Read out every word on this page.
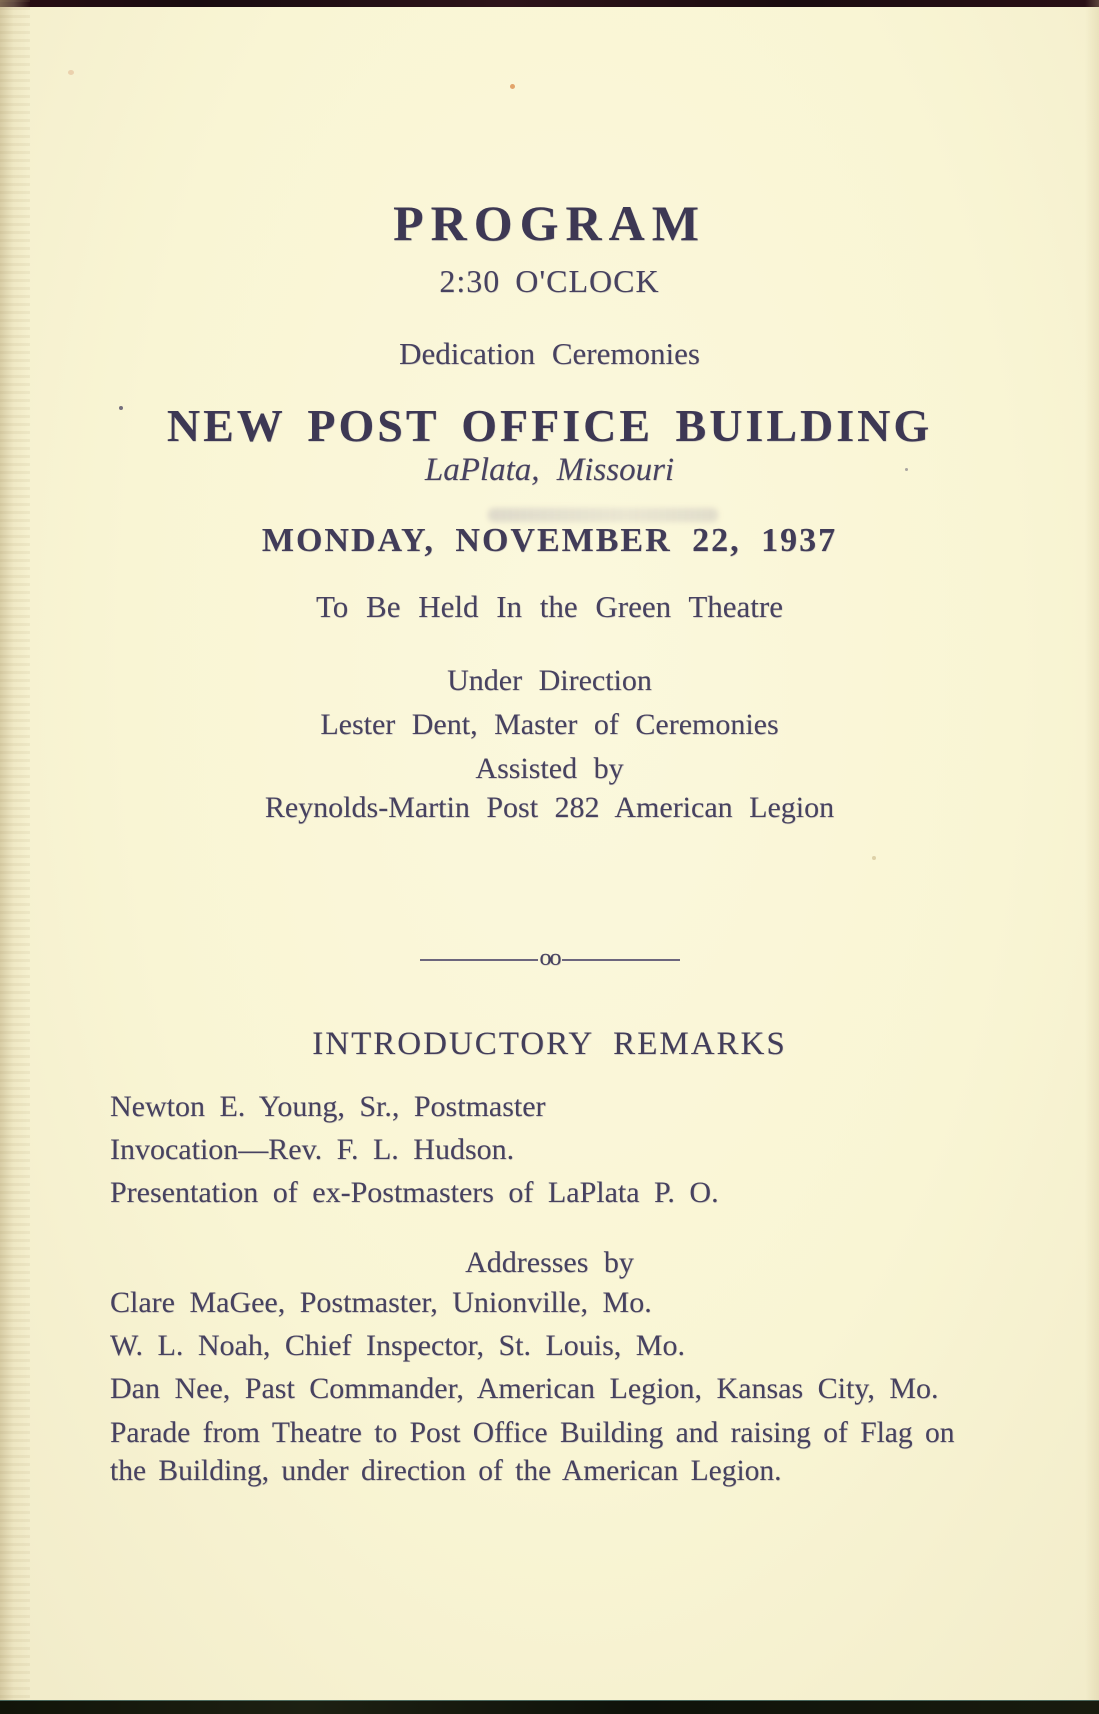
PROGRAM
2:30 O'CLOCK
Dedication Ceremonies
NEW POST OFFICE BUILDING
LaPlata, Missouri
MONDAY, NOVEMBER 22, 1937
To Be Held In the Green Theatre
Under Direction
Lester Dent, Master of Ceremonies
Assisted by
Reynolds-Martin Post 282 American Legion
oo
INTRODUCTORY REMARKS
Newton E. Young, Sr., Postmaster
Invocation—Rev. F. L. Hudson.
Presentation of ex-Postmasters of LaPlata P. O.
Addresses by
Clare MaGee, Postmaster, Unionville, Mo.
W. L. Noah, Chief Inspector, St. Louis, Mo.
Dan Nee, Past Commander, American Legion, Kansas City, Mo.
Parade from Theatre to Post Office Building and raising of Flag on the Building, under direction of the American Legion.
